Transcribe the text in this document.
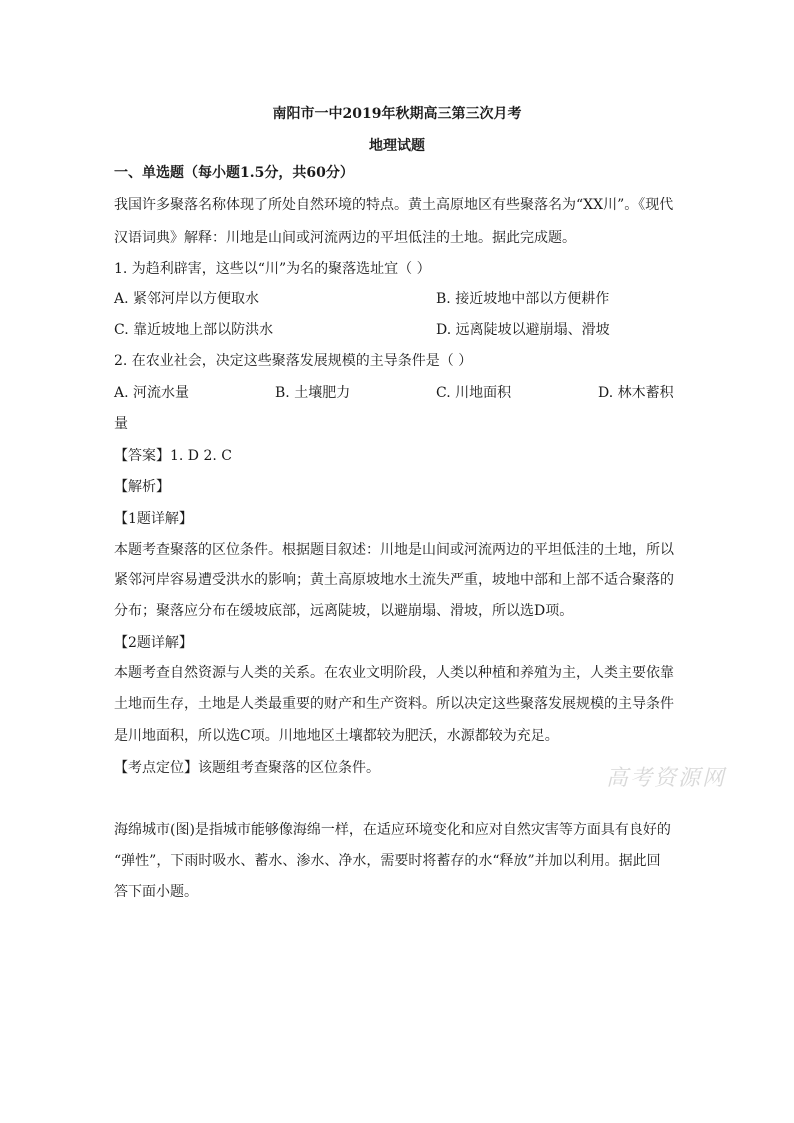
南阳市一中2019年秋期高三第三次月考
地理试题
一、单选题（每小题1.5分，共60分）
我国许多聚落名称体现了所处自然环境的特点。黄土高原地区有些聚落名为“XX川”。《现代
汉语词典》解释：川地是山间或河流两边的平坦低洼的土地。据此完成题。
1. 为趋利辟害，这些以“川”为名的聚落选址宜（ ）
A. 紧邻河岸以方便取水	B. 接近坡地中部以方便耕作
C. 靠近坡地上部以防洪水	D. 远离陡坡以避崩塌、滑坡
2. 在农业社会，决定这些聚落发展规模的主导条件是（ ）
A. 河流水量	B. 土壤肥力	C. 川地面积	D. 林木蓄积
量
【答案】1. D 2. C
【解析】
【1题详解】
本题考查聚落的区位条件。根据题目叙述：川地是山间或河流两边的平坦低洼的土地，所以
紧邻河岸容易遭受洪水的影响；黄土高原坡地水土流失严重，坡地中部和上部不适合聚落的
分布；聚落应分布在缓坡底部，远离陡坡，以避崩塌、滑坡，所以选D项。
【2题详解】
本题考查自然资源与人类的关系。在农业文明阶段，人类以种植和养殖为主，人类主要依靠
土地而生存，土地是人类最重要的财产和生产资料。所以决定这些聚落发展规模的主导条件
是川地面积，所以选C项。川地地区土壤都较为肥沃，水源都较为充足。
【考点定位】该题组考查聚落的区位条件。	高考资源网
海绵城市(图)是指城市能够像海绵一样，在适应环境变化和应对自然灾害等方面具有良好的
“弹性”，下雨时吸水、蓄水、渗水、净水，需要时将蓄存的水“释放”并加以利用。据此回
答下面小题。
